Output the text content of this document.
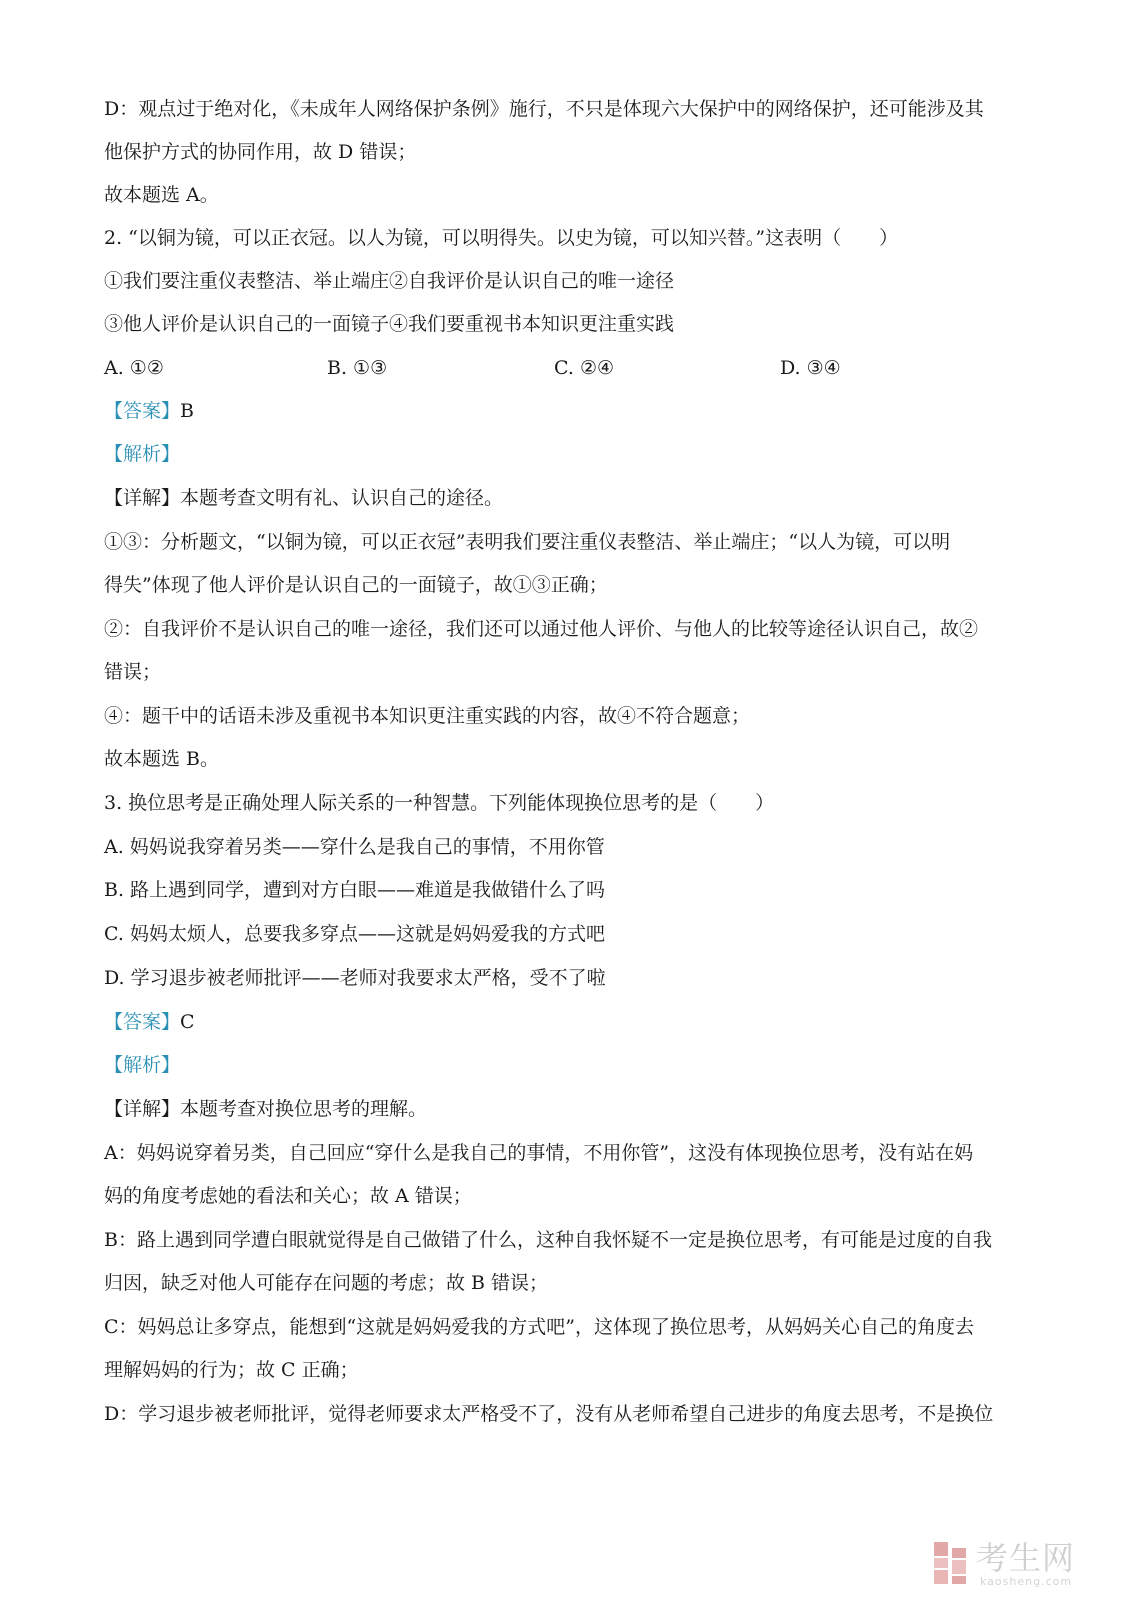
D：观点过于绝对化，《未成年人网络保护条例》施行，不只是体现六大保护中的网络保护，还可能涉及其
他保护方式的协同作用，故 D 错误；
故本题选 A。
2. “以铜为镜，可以正衣冠。以人为镜，可以明得失。以史为镜，可以知兴替。”这表明（　　）
①我们要注重仪表整洁、举止端庄②自我评价是认识自己的唯一途径
③他人评价是认识自己的一面镜子④我们要重视书本知识更注重实践
A. ①②	B. ①③	C. ②④	D. ③④
【答案】B
【解析】
【详解】本题考查文明有礼、认识自己的途径。
①③：分析题文，“以铜为镜，可以正衣冠”表明我们要注重仪表整洁、举止端庄；“以人为镜，可以明
得失”体现了他人评价是认识自己的一面镜子，故①③正确；
②：自我评价不是认识自己的唯一途径，我们还可以通过他人评价、与他人的比较等途径认识自己，故②
错误；
④：题干中的话语未涉及重视书本知识更注重实践的内容，故④不符合题意；
故本题选 B。
3. 换位思考是正确处理人际关系的一种智慧。下列能体现换位思考的是（　　）
A. 妈妈说我穿着另类——穿什么是我自己的事情，不用你管
B. 路上遇到同学，遭到对方白眼——难道是我做错什么了吗
C. 妈妈太烦人，总要我多穿点——这就是妈妈爱我的方式吧
D. 学习退步被老师批评——老师对我要求太严格，受不了啦
【答案】C
【解析】
【详解】本题考查对换位思考的理解。
A：妈妈说穿着另类，自己回应“穿什么是我自己的事情，不用你管”，这没有体现换位思考，没有站在妈
妈的角度考虑她的看法和关心；故 A 错误；
B：路上遇到同学遭白眼就觉得是自己做错了什么，这种自我怀疑不一定是换位思考，有可能是过度的自我
归因，缺乏对他人可能存在问题的考虑；故 B 错误；
C：妈妈总让多穿点，能想到“这就是妈妈爱我的方式吧”，这体现了换位思考，从妈妈关心自己的角度去
理解妈妈的行为；故 C 正确；
D：学习退步被老师批评，觉得老师要求太严格受不了，没有从老师希望自己进步的角度去思考，不是换位
考生网
kaosheng.com
